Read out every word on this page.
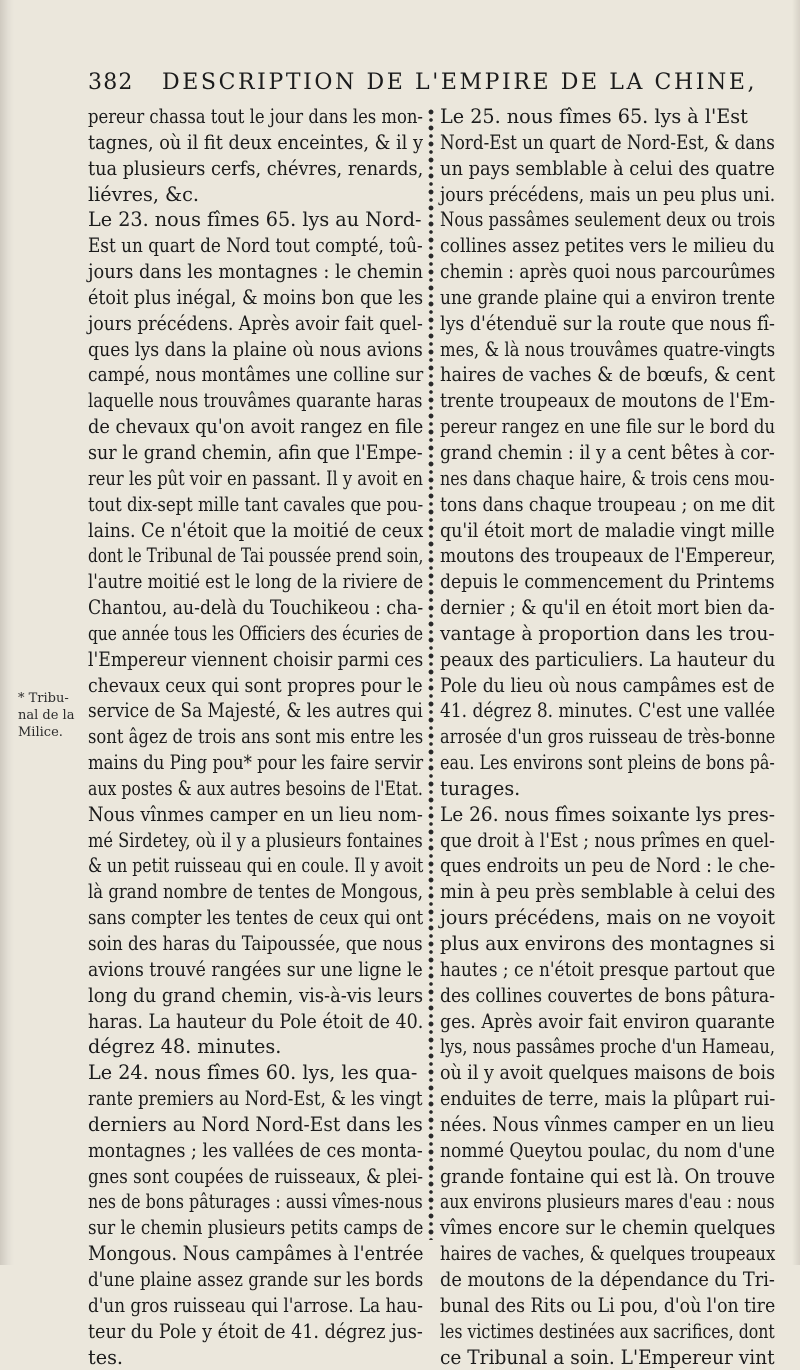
382 DESCRIPTION DE L'EMPIRE DE LA CHINE,
* Tribu-
nal de la
Milice.
pereur chassa tout le jour dans les mon-
tagnes, où il fit deux enceintes, & il y
tua plusieurs cerfs, chévres, renards,
liévres, &c.
Le 23. nous fîmes 65. lys au Nord-
Est un quart de Nord tout compté, toû-
jours dans les montagnes : le chemin
étoit plus inégal, & moins bon que les
jours précédens. Après avoir fait quel-
ques lys dans la plaine où nous avions
campé, nous montâmes une colline sur
laquelle nous trouvâmes quarante haras
de chevaux qu'on avoit rangez en file
sur le grand chemin, afin que l'Empe-
reur les pût voir en passant. Il y avoit en
tout dix-sept mille tant cavales que pou-
lains. Ce n'étoit que la moitié de ceux
dont le Tribunal de Tai poussée prend soin,
l'autre moitié est le long de la riviere de
Chantou, au-delà du Touchikeou : cha-
que année tous les Officiers des écuries de
l'Empereur viennent choisir parmi ces
chevaux ceux qui sont propres pour le
service de Sa Majesté, & les autres qui
sont âgez de trois ans sont mis entre les
mains du Ping pou* pour les faire servir
aux postes & aux autres besoins de l'Etat.
Nous vînmes camper en un lieu nom-
mé Sirdetey, où il y a plusieurs fontaines
& un petit ruisseau qui en coule. Il y avoit
là grand nombre de tentes de Mongous,
sans compter les tentes de ceux qui ont
soin des haras du Taipoussée, que nous
avions trouvé rangées sur une ligne le
long du grand chemin, vis-à-vis leurs
haras. La hauteur du Pole étoit de 40.
dégrez 48. minutes.
Le 24. nous fîmes 60. lys, les qua-
rante premiers au Nord-Est, & les vingt
derniers au Nord Nord-Est dans les
montagnes ; les vallées de ces monta-
gnes sont coupées de ruisseaux, & plei-
nes de bons pâturages : aussi vîmes-nous
sur le chemin plusieurs petits camps de
Mongous. Nous campâmes à l'entrée
d'une plaine assez grande sur les bords
d'un gros ruisseau qui l'arrose. La hau-
teur du Pole y étoit de 41. dégrez jus-
tes.
Le 25. nous fîmes 65. lys à l'Est
Nord-Est un quart de Nord-Est, & dans
un pays semblable à celui des quatre
jours précédens, mais un peu plus uni.
Nous passâmes seulement deux ou trois
collines assez petites vers le milieu du
chemin : après quoi nous parcourûmes
une grande plaine qui a environ trente
lys d'étenduë sur la route que nous fî-
mes, & là nous trouvâmes quatre-vingts
haires de vaches & de bœufs, & cent
trente troupeaux de moutons de l'Em-
pereur rangez en une file sur le bord du
grand chemin : il y a cent bêtes à cor-
nes dans chaque haire, & trois cens mou-
tons dans chaque troupeau ; on me dit
qu'il étoit mort de maladie vingt mille
moutons des troupeaux de l'Empereur,
depuis le commencement du Printems
dernier ; & qu'il en étoit mort bien da-
vantage à proportion dans les trou-
peaux des particuliers. La hauteur du
Pole du lieu où nous campâmes est de
41. dégrez 8. minutes. C'est une vallée
arrosée d'un gros ruisseau de très-bonne
eau. Les environs sont pleins de bons pâ-
turages.
Le 26. nous fîmes soixante lys pres-
que droit à l'Est ; nous prîmes en quel-
ques endroits un peu de Nord : le che-
min à peu près semblable à celui des
jours précédens, mais on ne voyoit
plus aux environs des montagnes si
hautes ; ce n'étoit presque partout que
des collines couvertes de bons pâtura-
ges. Après avoir fait environ quarante
lys, nous passâmes proche d'un Hameau,
où il y avoit quelques maisons de bois
enduites de terre, mais la plûpart rui-
nées. Nous vînmes camper en un lieu
nommé Queytou poulac, du nom d'une
grande fontaine qui est là. On trouve
aux environs plusieurs mares d'eau : nous
vîmes encore sur le chemin quelques
haires de vaches, & quelques troupeaux
de moutons de la dépendance du Tri-
bunal des Rits ou Li pou, d'où l'on tire
les victimes destinées aux sacrifices, dont
ce Tribunal a soin. L'Empereur vint
